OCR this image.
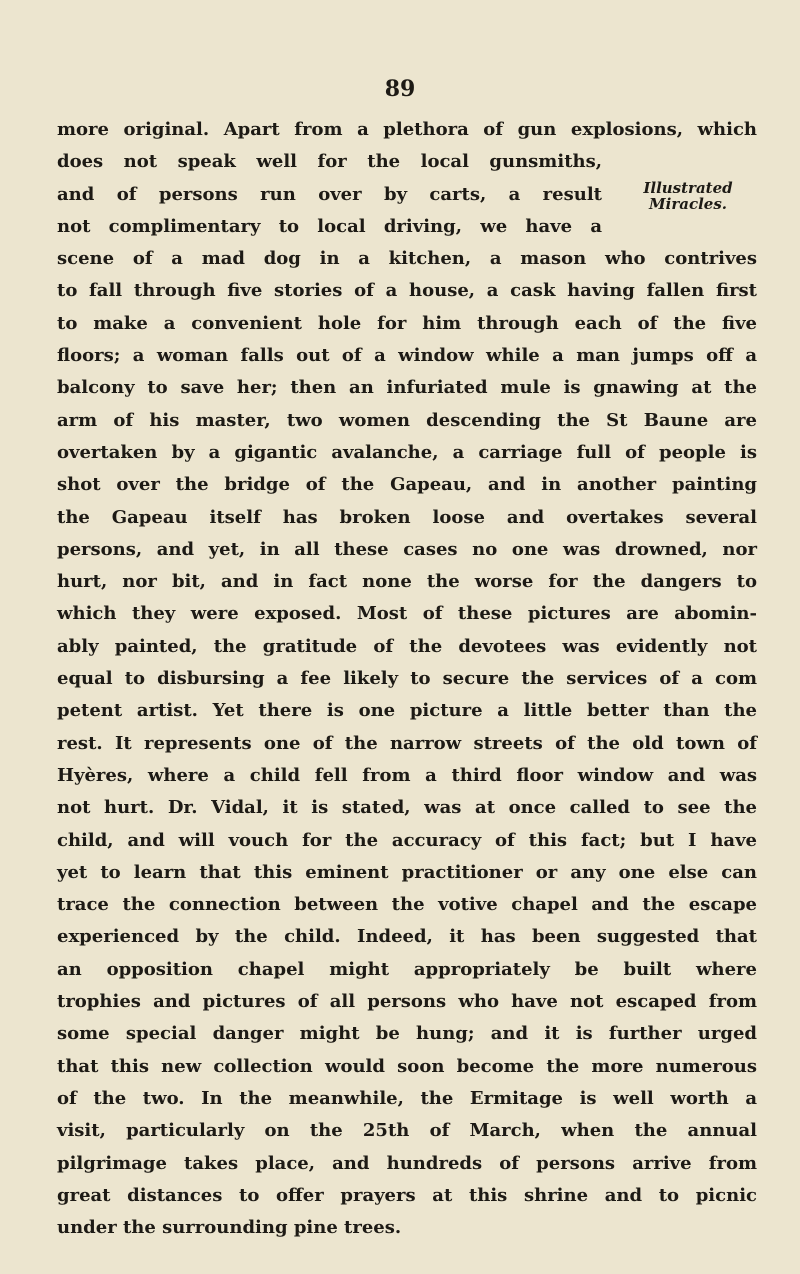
89
Illustrated
Miracles.
more original. Apart from a plethora of gun explosions, which
does not speak well for the local gunsmiths,
and of persons run over by carts, a result
not complimentary to local driving, we have a
scene of a mad dog in a kitchen, a mason who contrives
to fall through five stories of a house, a cask having fallen first
to make a convenient hole for him through each of the five
floors; a woman falls out of a window while a man jumps off a
balcony to save her; then an infuriated mule is gnawing at the
arm of his master, two women descending the St Baune are
overtaken by a gigantic avalanche, a carriage full of people is
shot over the bridge of the Gapeau, and in another painting
the Gapeau itself has broken loose and overtakes several
persons, and yet, in all these cases no one was drowned, nor
hurt, nor bit, and in fact none the worse for the dangers to
which they were exposed. Most of these pictures are abomin-
ably painted, the gratitude of the devotees was evidently not
equal to disbursing a fee likely to secure the services of a com
petent artist. Yet there is one picture a little better than the
rest. It represents one of the narrow streets of the old town of
Hyères, where a child fell from a third floor window and was
not hurt. Dr. Vidal, it is stated, was at once called to see the
child, and will vouch for the accuracy of this fact; but I have
yet to learn that this eminent practitioner or any one else can
trace the connection between the votive chapel and the escape
experienced by the child. Indeed, it has been suggested that
an opposition chapel might appropriately be built where
trophies and pictures of all persons who have not escaped from
some special danger might be hung; and it is further urged
that this new collection would soon become the more numerous
of the two. In the meanwhile, the Ermitage is well worth a
visit, particularly on the 25th of March, when the annual
pilgrimage takes place, and hundreds of persons arrive from
great distances to offer prayers at this shrine and to picnic
under the surrounding pine trees.
